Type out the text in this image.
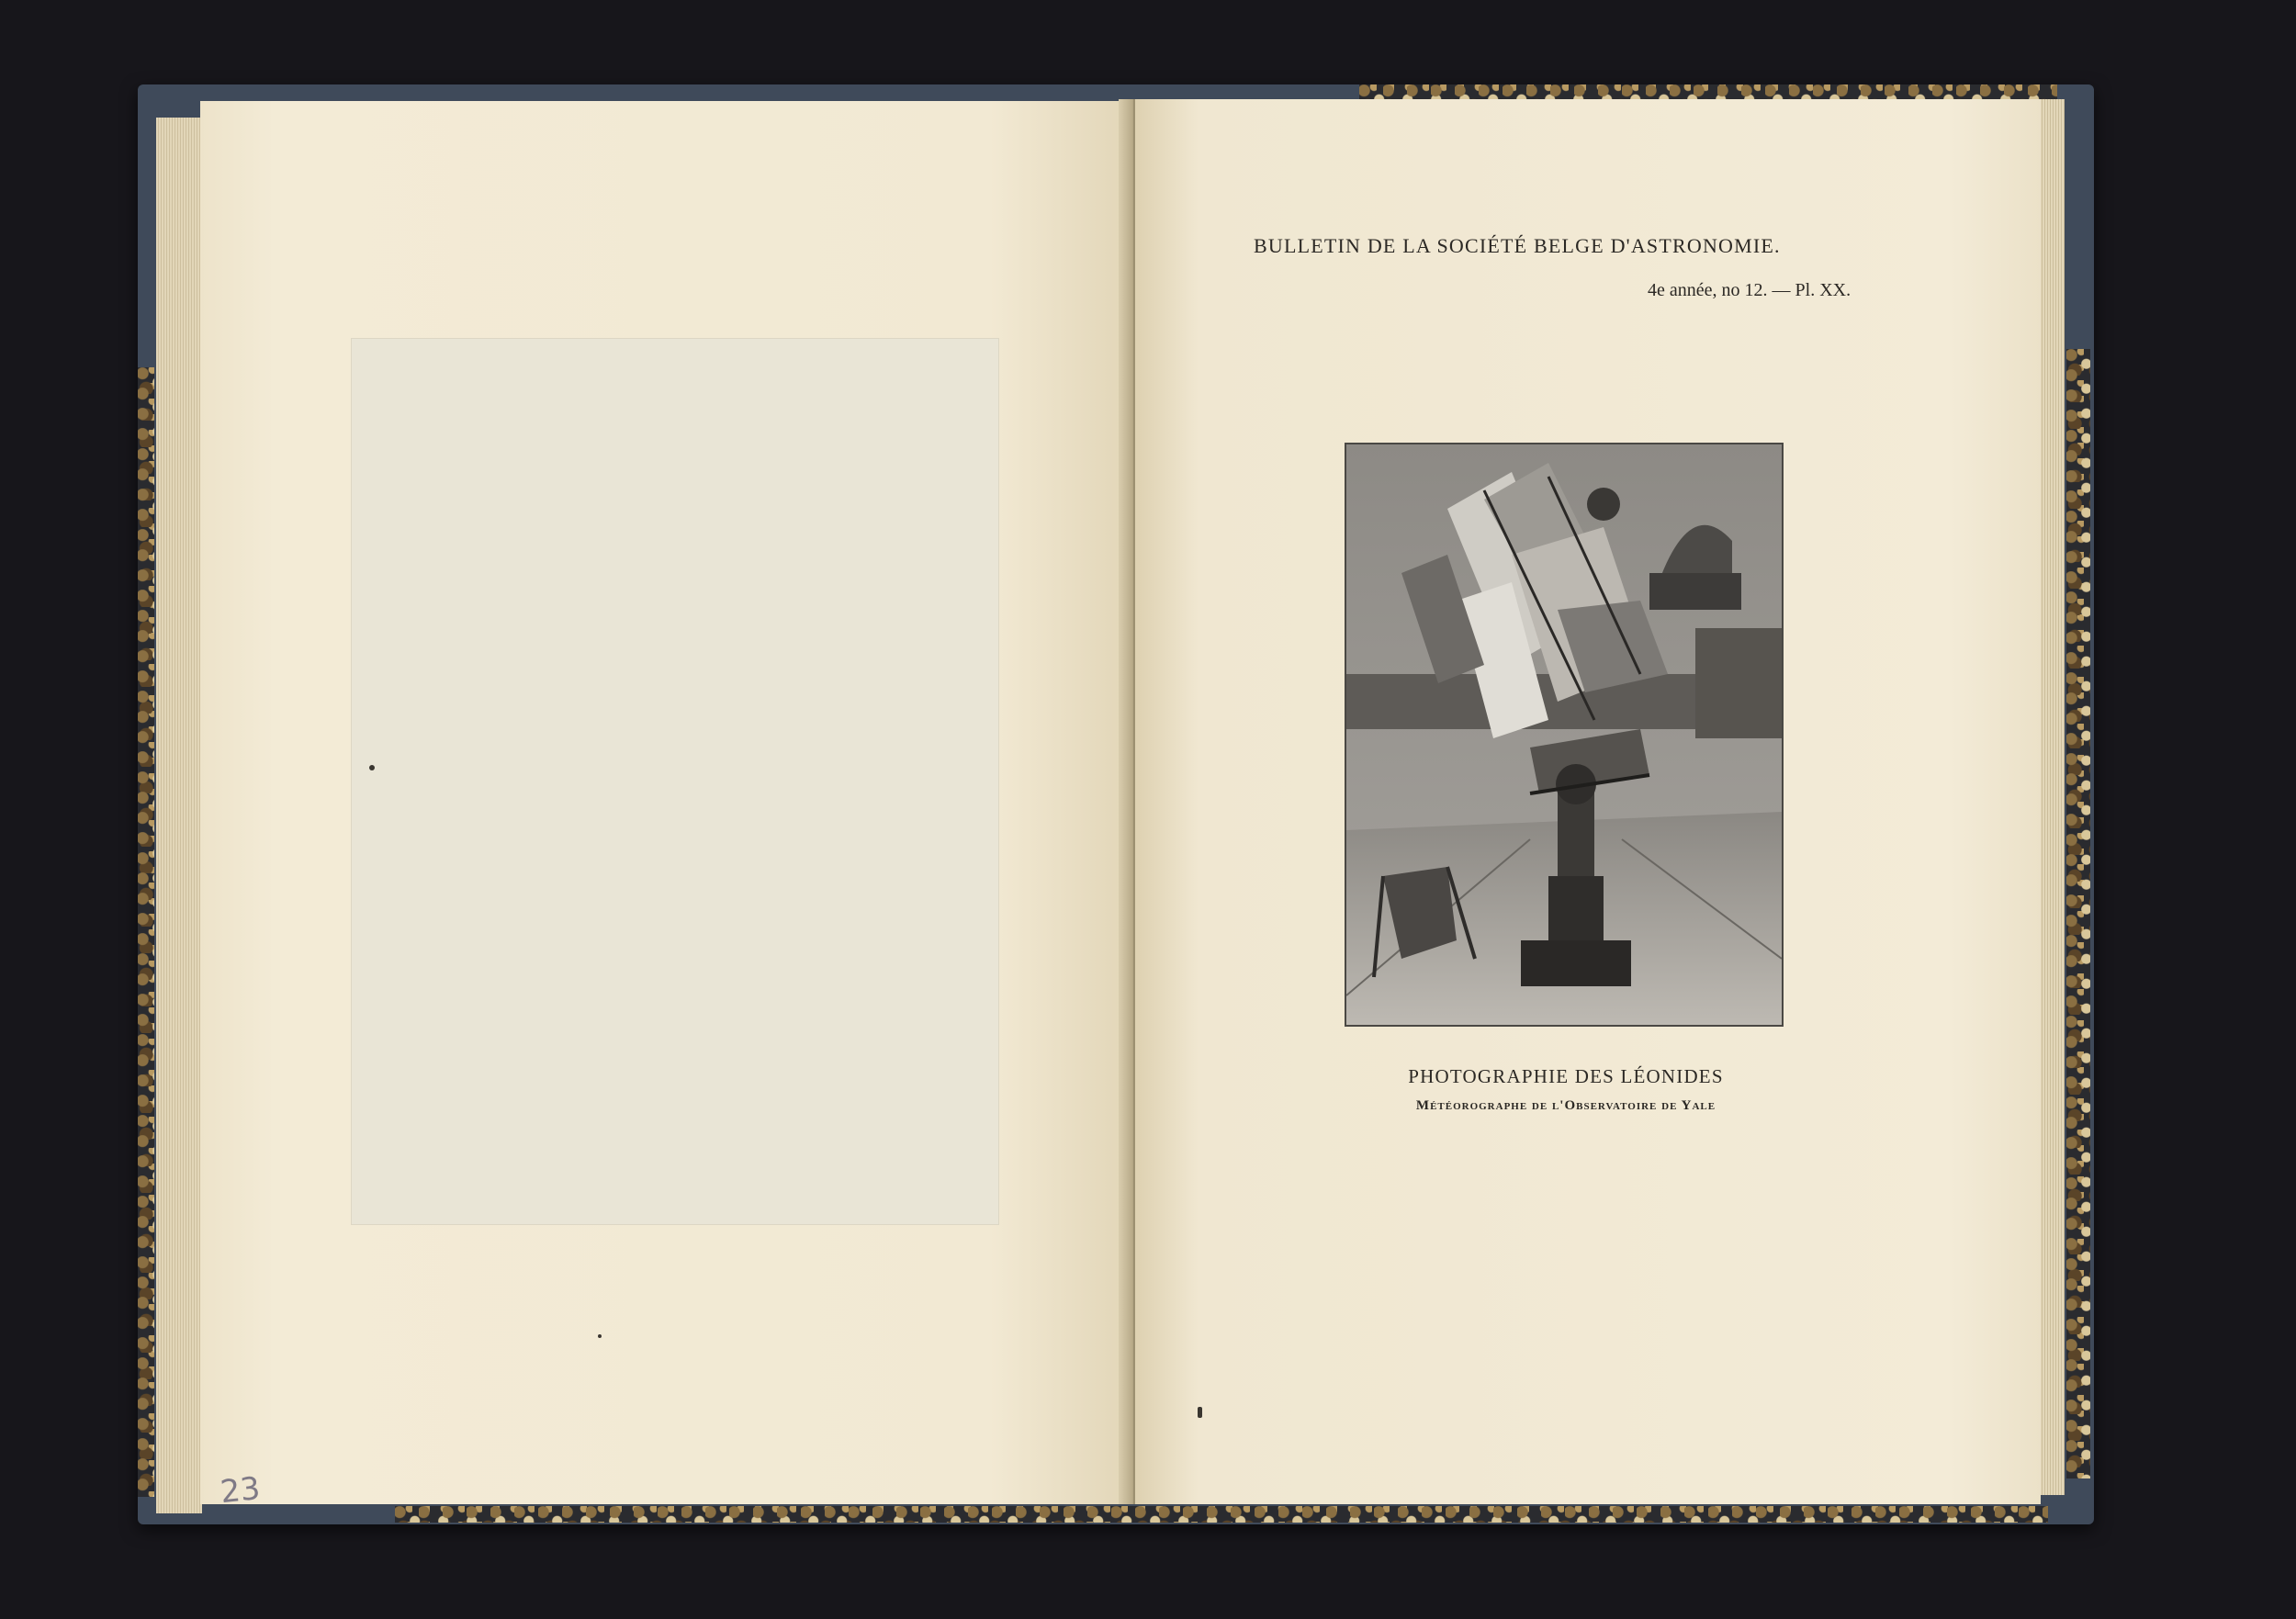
23
BULLETIN DE LA SOCIÉTÉ BELGE D'ASTRONOMIE.
4e année, no 12. — Pl. XX.
PHOTOGRAPHIE DES LÉONIDES
Météorographe de l'Observatoire de Yale
